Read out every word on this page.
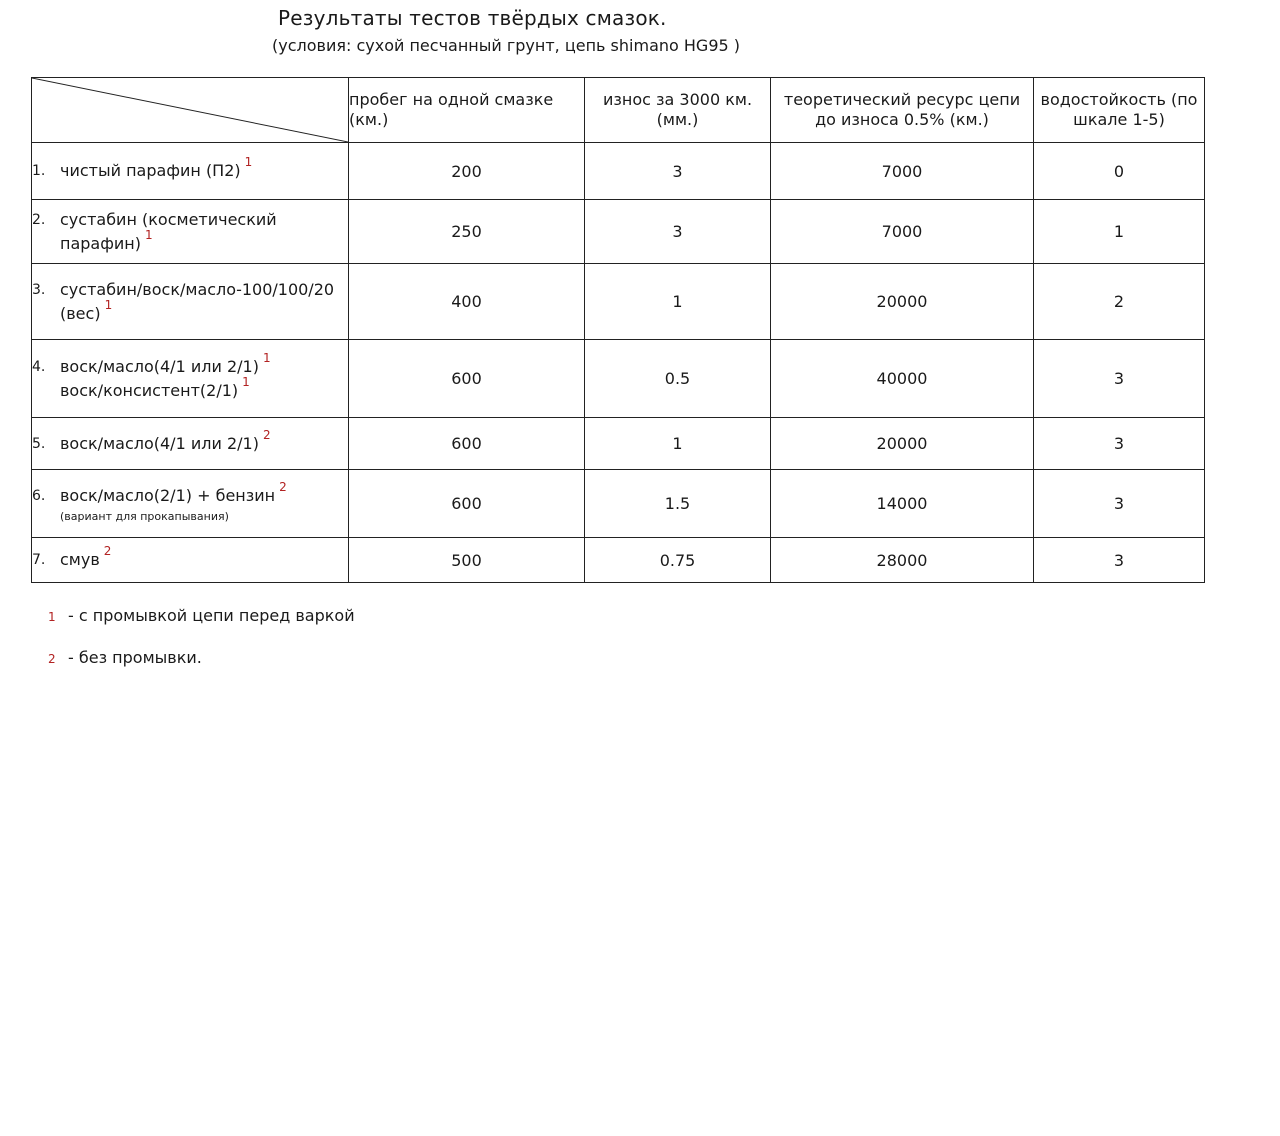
Результаты тестов твёрдых смазок.
(условия: сухой песчанный грунт, цепь shimano HG95 )
	пробег на одной смазке (км.)	износ за 3000 км. (мм.)	теоретический ресурс цепи до износа 0.5% (км.)	водостойкость (по шкале 1-5)

1. чистый парафин (П2) $^1$	200	3	7000	0

2. сустабин (косметический парафин) $^1$	250	3	7000	1

3. сустабин/воск/масло-100/100/20 (вес) $^1$	400	1	20000	2

4. воск/масло(4/1 или 2/1) $^1$
воск/консистент(2/1) $^1$	600	0.5	40000	3

5. воск/масло(4/1 или 2/1) $^2$	600	1	20000	3

6. воск/масло(2/1) + бензин $^2$
(вариант для прокапывания)	600	1.5	14000	3

7. смув $^2$	500	0.75	28000	3
1 - с промывкой цепи перед варкой
2 - без промывки.
